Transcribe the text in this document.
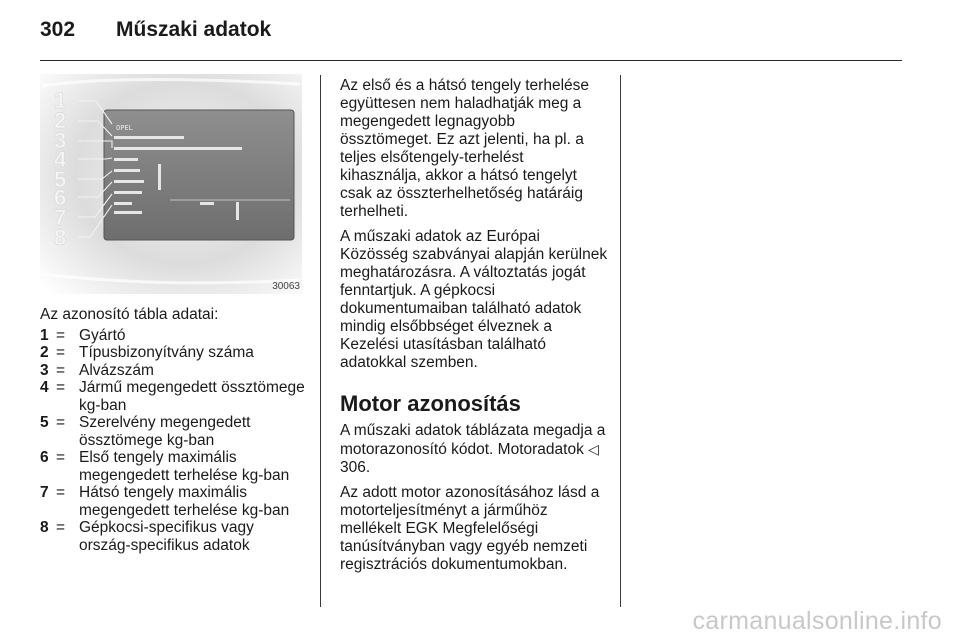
302 Műszaki adatok
OPEL
1
2
3
4
5
6
7
8
30063
Az azonosító tábla adatai:
1 = Gyártó
2 = Típusbizonyítvány száma
3 = Alvázszám
4 = Jármű megengedett össztömege kg-ban
5 = Szerelvény megengedett össztömege kg-ban
6 = Első tengely maximális megengedett terhelése kg-ban
7 = Hátsó tengely maximális megengedett terhelése kg-ban
8 = Gépkocsi-specifikus vagy ország-specifikus adatok

Az első és a hátsó tengely terhelése együttesen nem haladhatják meg a megengedett legnagyobb össztömeget. Ez azt jelenti, ha pl. a teljes elsőtengely-terhelést kihasználja, akkor a hátsó tengelyt csak az összterhelhetőség határáig terhelheti.

A műszaki adatok az Európai Közösség szabványai alapján kerülnek meghatározásra. A változtatás jogát fenntartjuk. A gépkocsi dokumentumaiban található adatok mindig elsőbbséget élveznek a Kezelési utasításban található adatokkal szemben.

Motor azonosítás

A műszaki adatok táblázata megadja a motorazonosító kódot. Motoradatok ◁ 306.

Az adott motor azonosításához lásd a motorteljesítményt a járműhöz mellékelt EGK Megfelelőségi tanúsítványban vagy egyéb nemzeti regisztrációs dokumentumokban.

carmanualsonline.info
